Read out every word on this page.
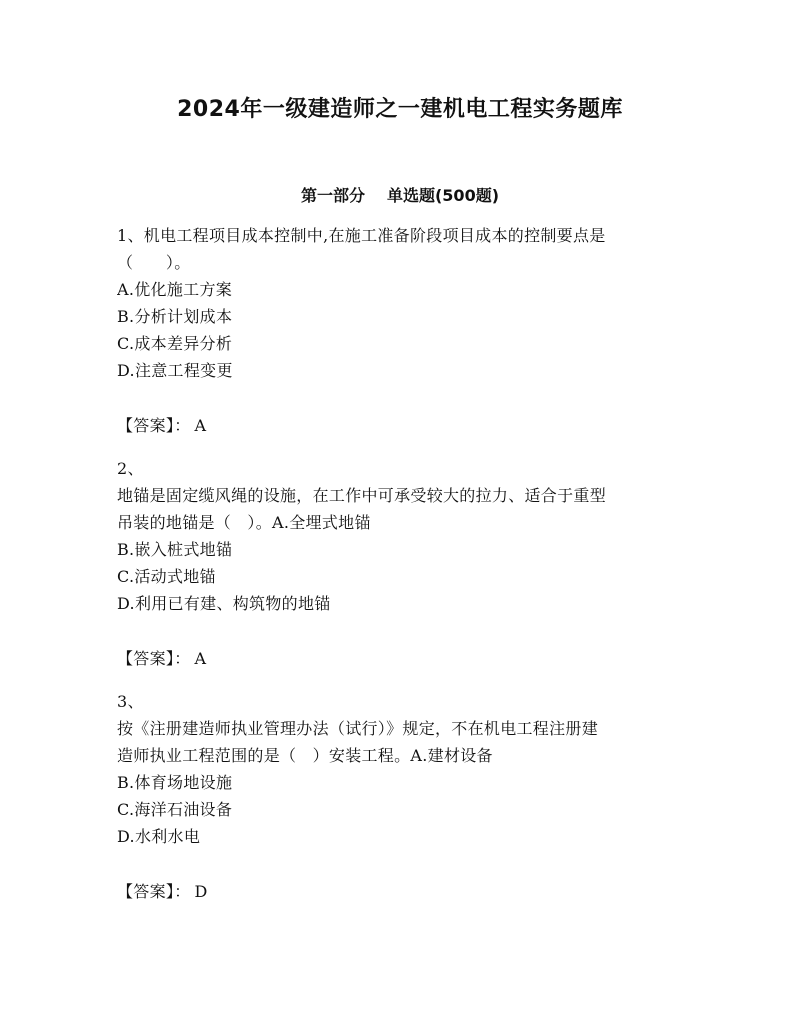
2024年一级建造师之一建机电工程实务题库
第一部分 单选题(500题)
1、机电工程项目成本控制中,在施工准备阶段项目成本的控制要点是
（　　）。
A.优化施工方案
B.分析计划成本
C.成本差异分析
D.注意工程变更
【答案】： A
2、
地锚是固定缆风绳的设施，在工作中可承受较大的拉力、适合于重型
吊装的地锚是（　）。A.全埋式地锚
B.嵌入桩式地锚
C.活动式地锚
D.利用已有建、构筑物的地锚
【答案】： A
3、
按《注册建造师执业管理办法（试行）》规定，不在机电工程注册建
造师执业工程范围的是（　）安装工程。A.建材设备
B.体育场地设施
C.海洋石油设备
D.水利水电
【答案】： D
